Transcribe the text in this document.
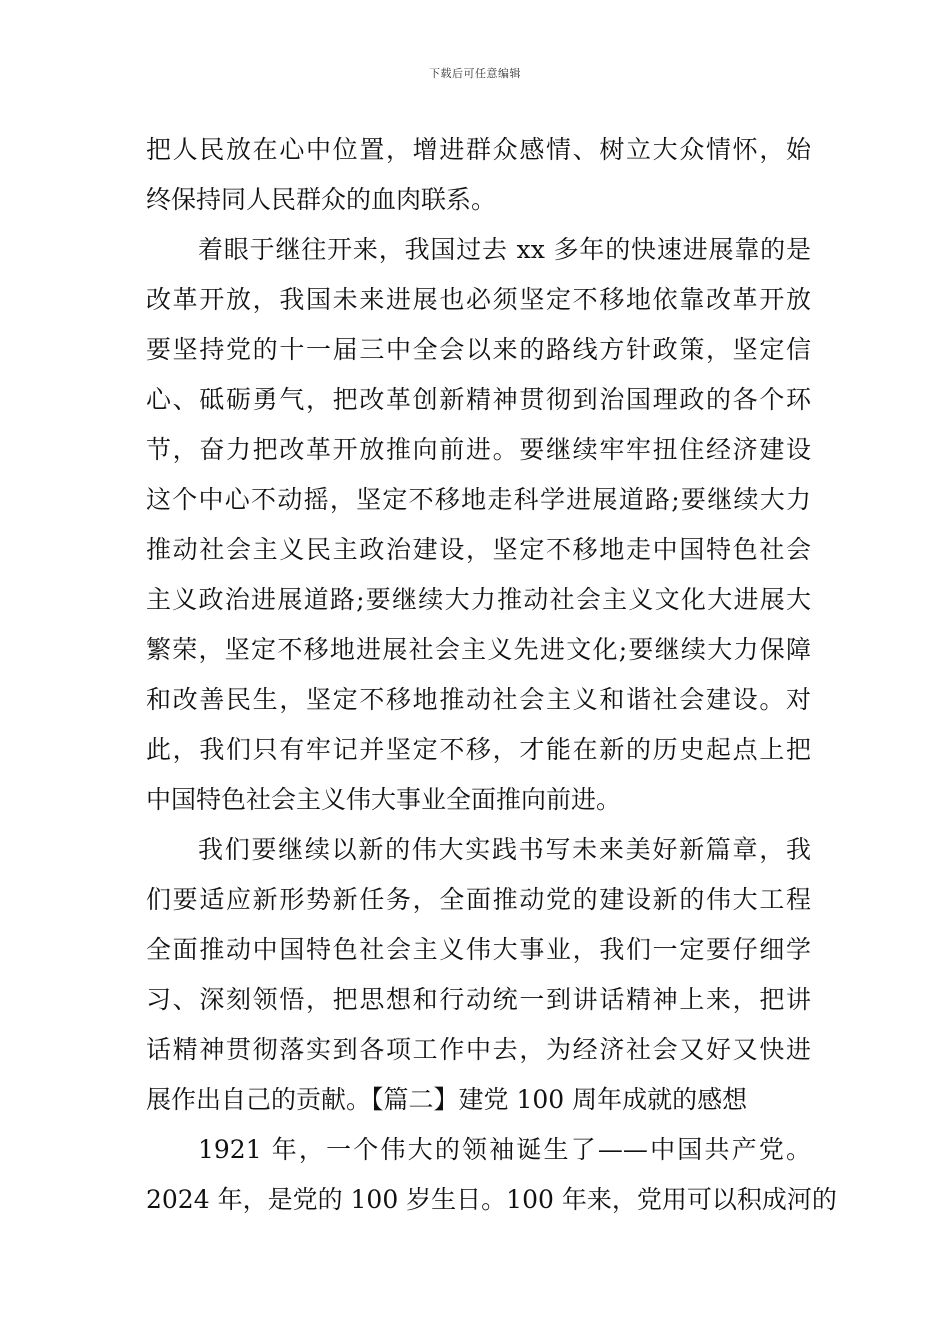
下载后可任意编辑
把人民放在心中位置，增进群众感情、树立大众情怀，始
终保持同人民群众的血肉联系。
着眼于继往开来，我国过去 xx 多年的快速进展靠的是
改革开放，我国未来进展也必须坚定不移地依靠改革开放
要坚持党的十一届三中全会以来的路线方针政策，坚定信
心、砥砺勇气，把改革创新精神贯彻到治国理政的各个环
节，奋力把改革开放推向前进。要继续牢牢扭住经济建设
这个中心不动摇，坚定不移地走科学进展道路;要继续大力
推动社会主义民主政治建设，坚定不移地走中国特色社会
主义政治进展道路;要继续大力推动社会主义文化大进展大
繁荣，坚定不移地进展社会主义先进文化;要继续大力保障
和改善民生，坚定不移地推动社会主义和谐社会建设。对
此，我们只有牢记并坚定不移，才能在新的历史起点上把
中国特色社会主义伟大事业全面推向前进。
我们要继续以新的伟大实践书写未来美好新篇章，我
们要适应新形势新任务，全面推动党的建设新的伟大工程
全面推动中国特色社会主义伟大事业，我们一定要仔细学
习、深刻领悟，把思想和行动统一到讲话精神上来，把讲
话精神贯彻落实到各项工作中去，为经济社会又好又快进
展作出自己的贡献。【篇二】建党 100 周年成就的感想
1921 年，一个伟大的领袖诞生了——中国共产党。
2024 年，是党的 100 岁生日。100 年来，党用可以积成河的
